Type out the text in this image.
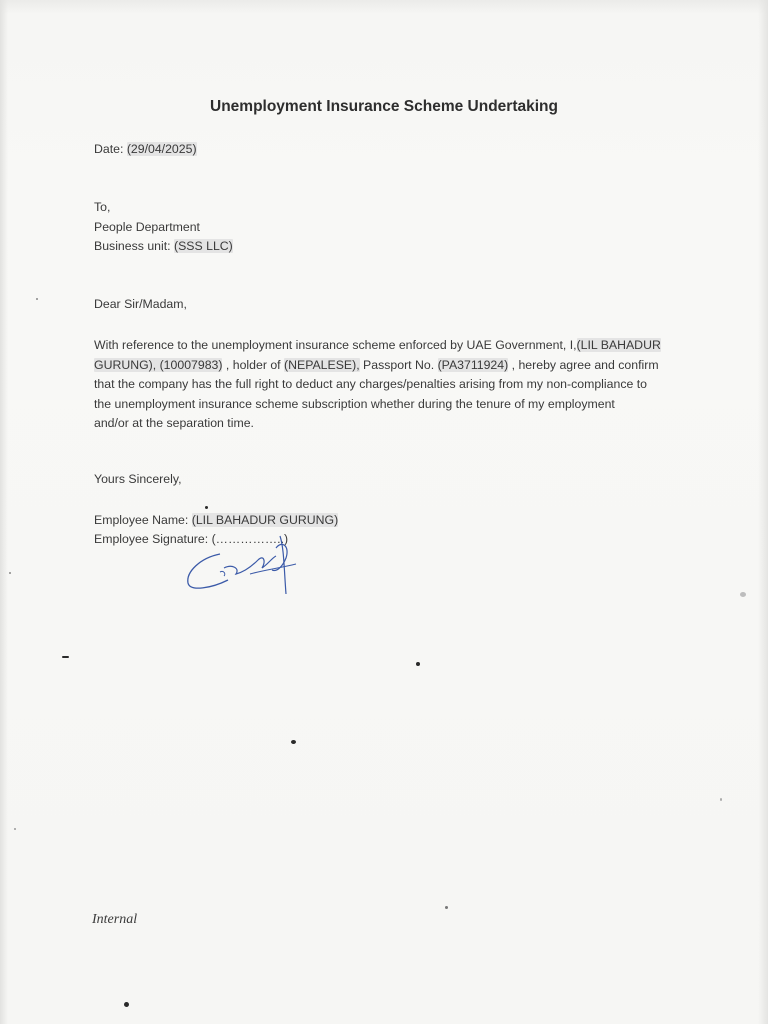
Unemployment Insurance Scheme Undertaking
Date: (29/04/2025)
To,
People Department
Business unit: (SSS LLC)
Dear Sir/Madam,
With reference to the unemployment insurance scheme enforced by UAE Government, I,(LIL BAHADUR
GURUNG), (10007983) , holder of (NEPALESE), Passport No. (PA3711924) , hereby agree and confirm
that the company has the full right to deduct any charges/penalties arising from my non-compliance to
the unemployment insurance scheme subscription whether during the tenure of my employment
and/or at the separation time.
Yours Sincerely,
Employee Name: (LIL BAHADUR GURUNG)
Employee Signature: (……………..)
Internal
